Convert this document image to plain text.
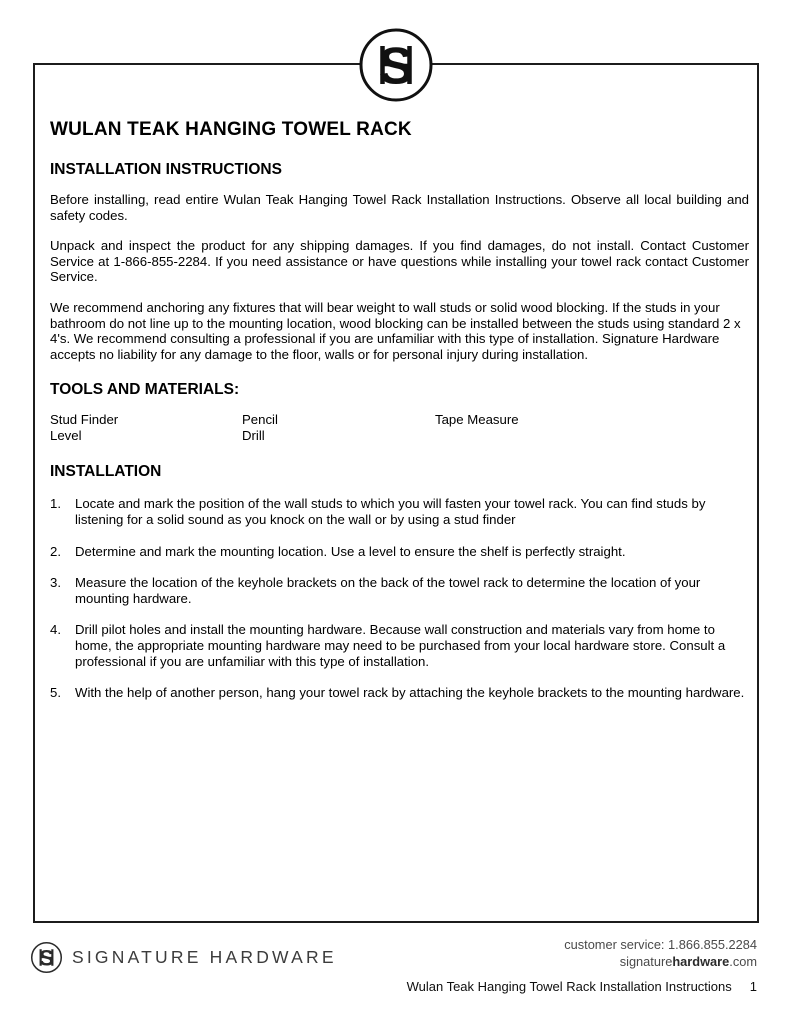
S
WULAN TEAK HANGING TOWEL RACK
INSTALLATION INSTRUCTIONS

Before installing, read entire Wulan Teak Hanging Towel Rack Installation Instructions. Observe all local building and safety codes.

Unpack and inspect the product for any shipping damages. If you find damages, do not install. Contact Customer Service at 1-866-855-2284. If you need assistance or have questions while installing your towel rack contact Customer Service.

We recommend anchoring any fixtures that will bear weight to wall studs or solid wood blocking. If the studs in your bathroom do not line up to the mounting location, wood blocking can be installed between the studs using standard 2 x 4's. We recommend consulting a professional if you are unfamiliar with this type of installation. Signature Hardware accepts no liability for any damage to the floor, walls or for personal injury during installation.

TOOLS AND MATERIALS:
Stud Finder
Level
Pencil
Drill
Tape Measure
INSTALLATION
Locate and mark the position of the wall studs to which you will fasten your towel rack. You can find studs by listening for a solid sound as you knock on the wall or by using a stud finder
Determine and mark the mounting location. Use a level to ensure the shelf is perfectly straight.
Measure the location of the keyhole brackets on the back of the towel rack to determine the location of your mounting hardware.
Drill pilot holes and install the mounting hardware. Because wall construction and materials vary from home to home, the appropriate mounting hardware may need to be purchased from your local hardware store. Consult a professional if you are unfamiliar with this type of installation.
With the help of another person, hang your towel rack by attaching the keyhole brackets to the mounting hardware.
S SIGNATURE HARDWARE
customer service: 1.866.855.2284
signaturehardware.com
Wulan Teak Hanging Towel Rack Installation Instructions 1
